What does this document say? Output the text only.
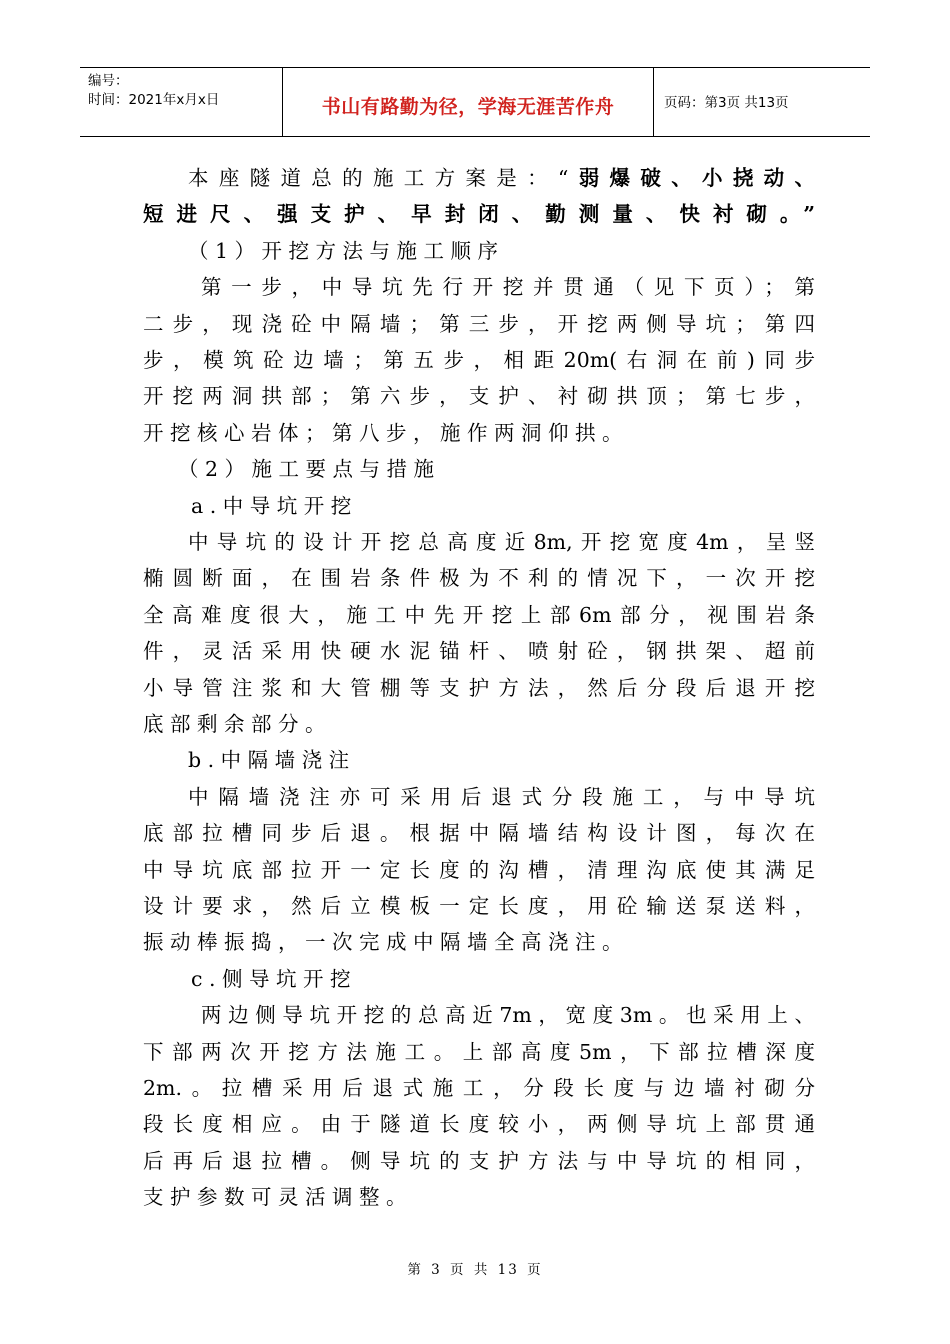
编号：
时间：2021年x月x日	书山有路勤为径，学海无涯苦作舟	页码：第3页 共13页
本座隧道总的施工方案是：“弱爆破、小挠动、
短进尺、强支护、早封闭、勤测量、快衬砌。”
（1）开挖方法与施工顺序
第一步，中导坑先行开挖并贯通（见下页）；第
二步，现浇砼中隔墙；第三步，开挖两侧导坑；第四
步，模筑砼边墙；第五步，相距20m(右洞在前)同步
开挖两洞拱部；第六步，支护、衬砌拱顶；第七步，
开挖核心岩体；第八步，施作两洞仰拱。
（2）施工要点与措施
a.中导坑开挖
中导坑的设计开挖总高度近8m,开挖宽度4m，呈竖
椭圆断面，在围岩条件极为不利的情况下，一次开挖
全高难度很大，施工中先开挖上部6m部分，视围岩条
件，灵活采用快硬水泥锚杆、喷射砼，钢拱架、超前
小导管注浆和大管棚等支护方法，然后分段后退开挖
底部剩余部分。
b.中隔墙浇注
中隔墙浇注亦可采用后退式分段施工，与中导坑
底部拉槽同步后退。根据中隔墙结构设计图，每次在
中导坑底部拉开一定长度的沟槽，清理沟底使其满足
设计要求，然后立模板一定长度，用砼输送泵送料，
振动棒振捣，一次完成中隔墙全高浇注。
c.侧导坑开挖
两边侧导坑开挖的总高近7m，宽度3m。也采用上、
下部两次开挖方法施工。上部高度5m，下部拉槽深度
2m.。拉槽采用后退式施工，分段长度与边墙衬砌分
段长度相应。由于隧道长度较小，两侧导坑上部贯通
后再后退拉槽。侧导坑的支护方法与中导坑的相同，
支护参数可灵活调整。
第 3 页 共 13 页
